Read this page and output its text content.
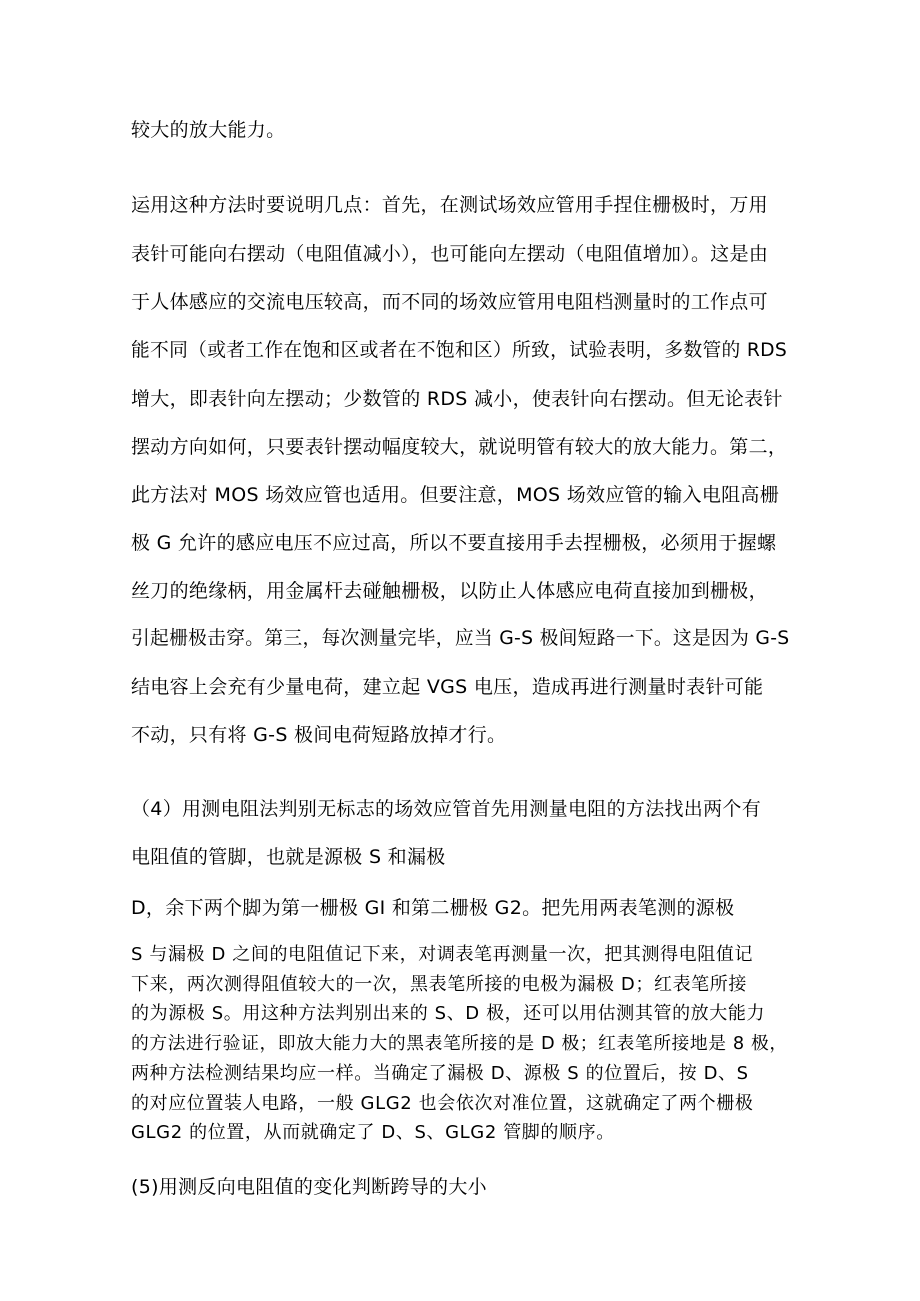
较大的放大能力。

运用这种方法时要说明几点：首先，在测试场效应管用手捏住栅极时，万用

表针可能向右摆动（电阻值减小），也可能向左摆动（电阻值增加）。这是由

于人体感应的交流电压较高，而不同的场效应管用电阻档测量时的工作点可

能不同（或者工作在饱和区或者在不饱和区）所致，试验表明，多数管的 RDS

增大，即表针向左摆动；少数管的 RDS 减小，使表针向右摆动。但无论表针

摆动方向如何，只要表针摆动幅度较大，就说明管有较大的放大能力。第二，

此方法对 MOS 场效应管也适用。但要注意，MOS 场效应管的输入电阻高栅

极 G 允许的感应电压不应过高，所以不要直接用手去捏栅极，必须用于握螺

丝刀的绝缘柄，用金属杆去碰触栅极，以防止人体感应电荷直接加到栅极，

引起栅极击穿。第三，每次测量完毕，应当 G-S 极间短路一下。这是因为 G-S

结电容上会充有少量电荷，建立起 VGS 电压，造成再进行测量时表针可能

不动，只有将 G-S 极间电荷短路放掉才行。

（4）用测电阻法判别无标志的场效应管首先用测量电阻的方法找出两个有

电阻值的管脚，也就是源极 S 和漏极

D，余下两个脚为第一栅极 GI 和第二栅极 G2。把先用两表笔测的源极

S 与漏极 D 之间的电阻值记下来，对调表笔再测量一次，把其测得电阻值记

下来，两次测得阻值较大的一次，黑表笔所接的电极为漏极 D；红表笔所接

的为源极 S。用这种方法判别出来的 S、D 极，还可以用估测其管的放大能力

的方法进行验证，即放大能力大的黑表笔所接的是 D 极；红表笔所接地是 8 极，

两种方法检测结果均应一样。当确定了漏极 D、源极 S 的位置后，按 D、S

的对应位置装人电路，一般 GLG2 也会依次对准位置，这就确定了两个栅极

GLG2 的位置，从而就确定了 D、S、GLG2 管脚的顺序。

(5)用测反向电阻值的变化判断跨导的大小
